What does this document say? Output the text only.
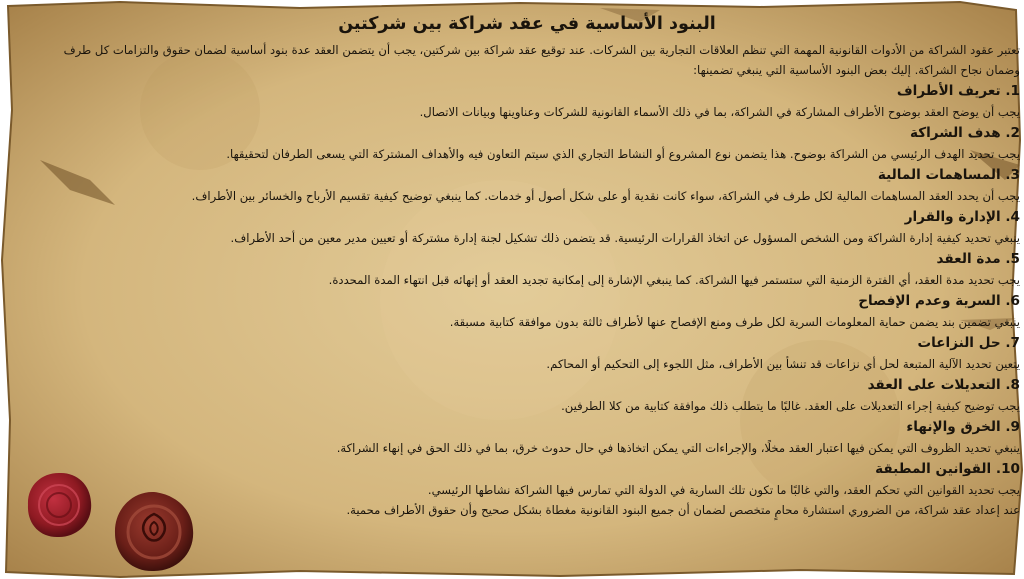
البنود الأساسية في عقد شراكة بين شركتين

تعتبر عقود الشراكة من الأدوات القانونية المهمة التي تنظم العلاقات التجارية بين الشركات. عند توقيع عقد شراكة بين شركتين، يجب أن يتضمن العقد عدة بنود أساسية لضمان حقوق والتزامات كل طرف وضمان نجاح الشراكة. إليك بعض البنود الأساسية التي ينبغي تضمينها:

1. تعريف الأطراف
يجب أن يوضح العقد بوضوح الأطراف المشاركة في الشراكة، بما في ذلك الأسماء القانونية للشركات وعناوينها وبيانات الاتصال.
2. هدف الشراكة
يجب تحديد الهدف الرئيسي من الشراكة بوضوح. هذا يتضمن نوع المشروع أو النشاط التجاري الذي سيتم التعاون فيه والأهداف المشتركة التي يسعى الطرفان لتحقيقها.
3. المساهمات المالية
يجب أن يحدد العقد المساهمات المالية لكل طرف في الشراكة، سواء كانت نقدية أو على شكل أصول أو خدمات. كما ينبغي توضيح كيفية تقسيم الأرباح والخسائر بين الأطراف.
4. الإدارة والقرار
ينبغي تحديد كيفية إدارة الشراكة ومن الشخص المسؤول عن اتخاذ القرارات الرئيسية. قد يتضمن ذلك تشكيل لجنة إدارة مشتركة أو تعيين مدير معين من أحد الأطراف.
5. مدة العقد
يجب تحديد مدة العقد، أي الفترة الزمنية التي ستستمر فيها الشراكة. كما ينبغي الإشارة إلى إمكانية تجديد العقد أو إنهائه قبل انتهاء المدة المحددة.
6. السرية وعدم الإفصاح
ينبغي تضمين بند يضمن حماية المعلومات السرية لكل طرف ومنع الإفصاح عنها لأطراف ثالثة بدون موافقة كتابية مسبقة.
7. حل النزاعات
يتعين تحديد الآلية المتبعة لحل أي نزاعات قد تنشأ بين الأطراف، مثل اللجوء إلى التحكيم أو المحاكم.
8. التعديلات على العقد
يجب توضيح كيفية إجراء التعديلات على العقد. غالبًا ما يتطلب ذلك موافقة كتابية من كلا الطرفين.
9. الخرق والإنهاء
ينبغي تحديد الظروف التي يمكن فيها اعتبار العقد مخلًا، والإجراءات التي يمكن اتخاذها في حال حدوث خرق، بما في ذلك الحق في إنهاء الشراكة.
10. القوانين المطبقة
يجب تحديد القوانين التي تحكم العقد، والتي غالبًا ما تكون تلك السارية في الدولة التي تمارس فيها الشراكة نشاطها الرئيسي.

عند إعداد عقد شراكة، من الضروري استشارة محامٍ متخصص لضمان أن جميع البنود القانونية مغطاة بشكل صحيح وأن حقوق الأطراف محمية.
